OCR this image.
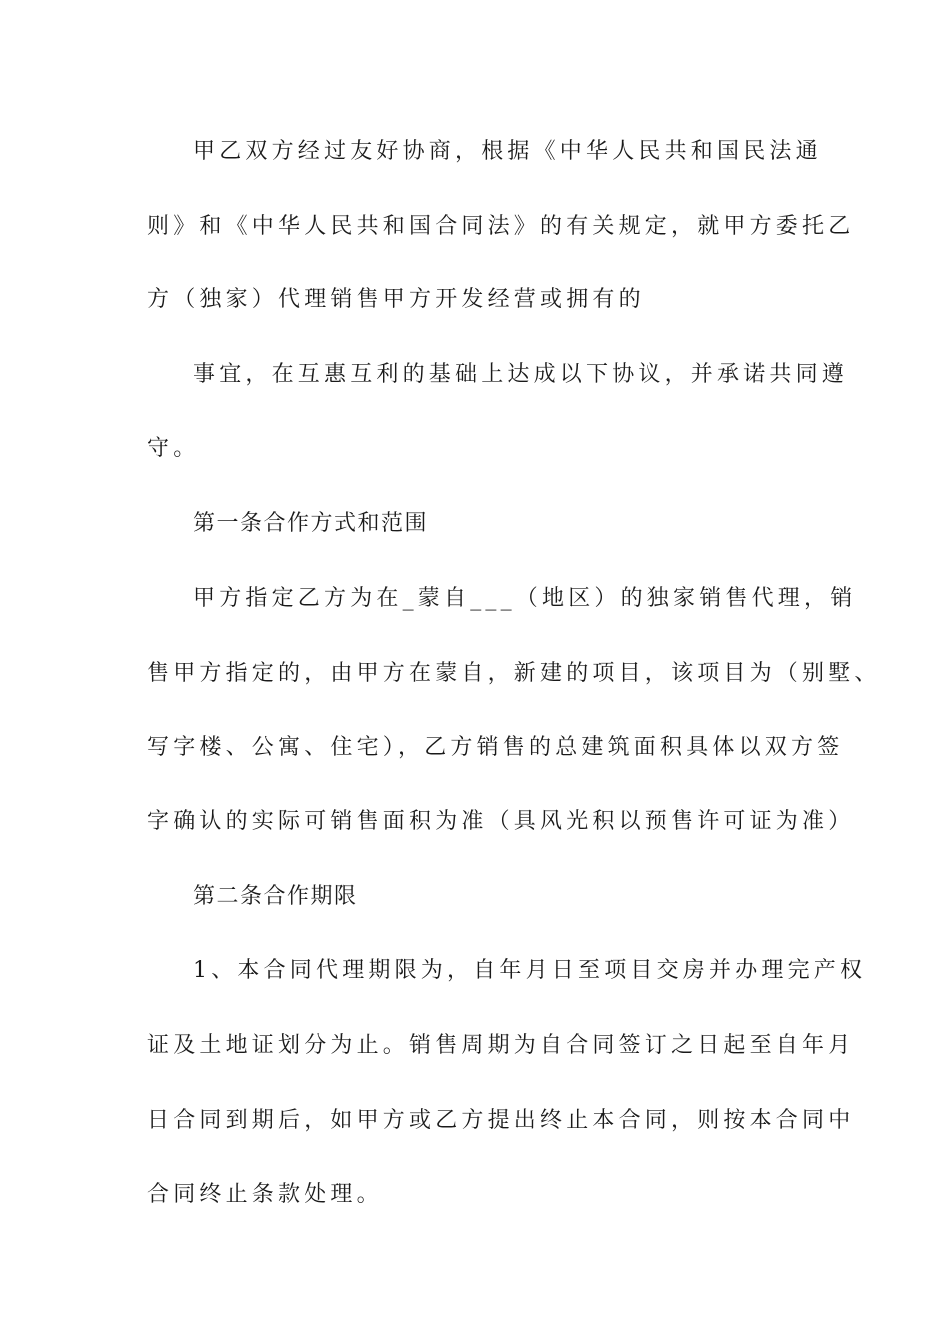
甲乙双方经过友好协商，根据《中华人民共和国民法通

则》和《中华人民共和国合同法》的有关规定，就甲方委托乙

方（独家）代理销售甲方开发经营或拥有的

事宜，在互惠互利的基础上达成以下协议，并承诺共同遵

守。

第一条合作方式和范围

甲方指定乙方为在_蒙自___（地区）的独家销售代理，销

售甲方指定的，由甲方在蒙自，新建的项目，该项目为（别墅、

写字楼、公寓、住宅），乙方销售的总建筑面积具体以双方签

字确认的实际可销售面积为准（具风光积以预售许可证为准）

第二条合作期限

1、本合同代理期限为，自年月日至项目交房并办理完产权

证及土地证划分为止。销售周期为自合同签订之日起至自年月

日合同到期后，如甲方或乙方提出终止本合同，则按本合同中

合同终止条款处理。
